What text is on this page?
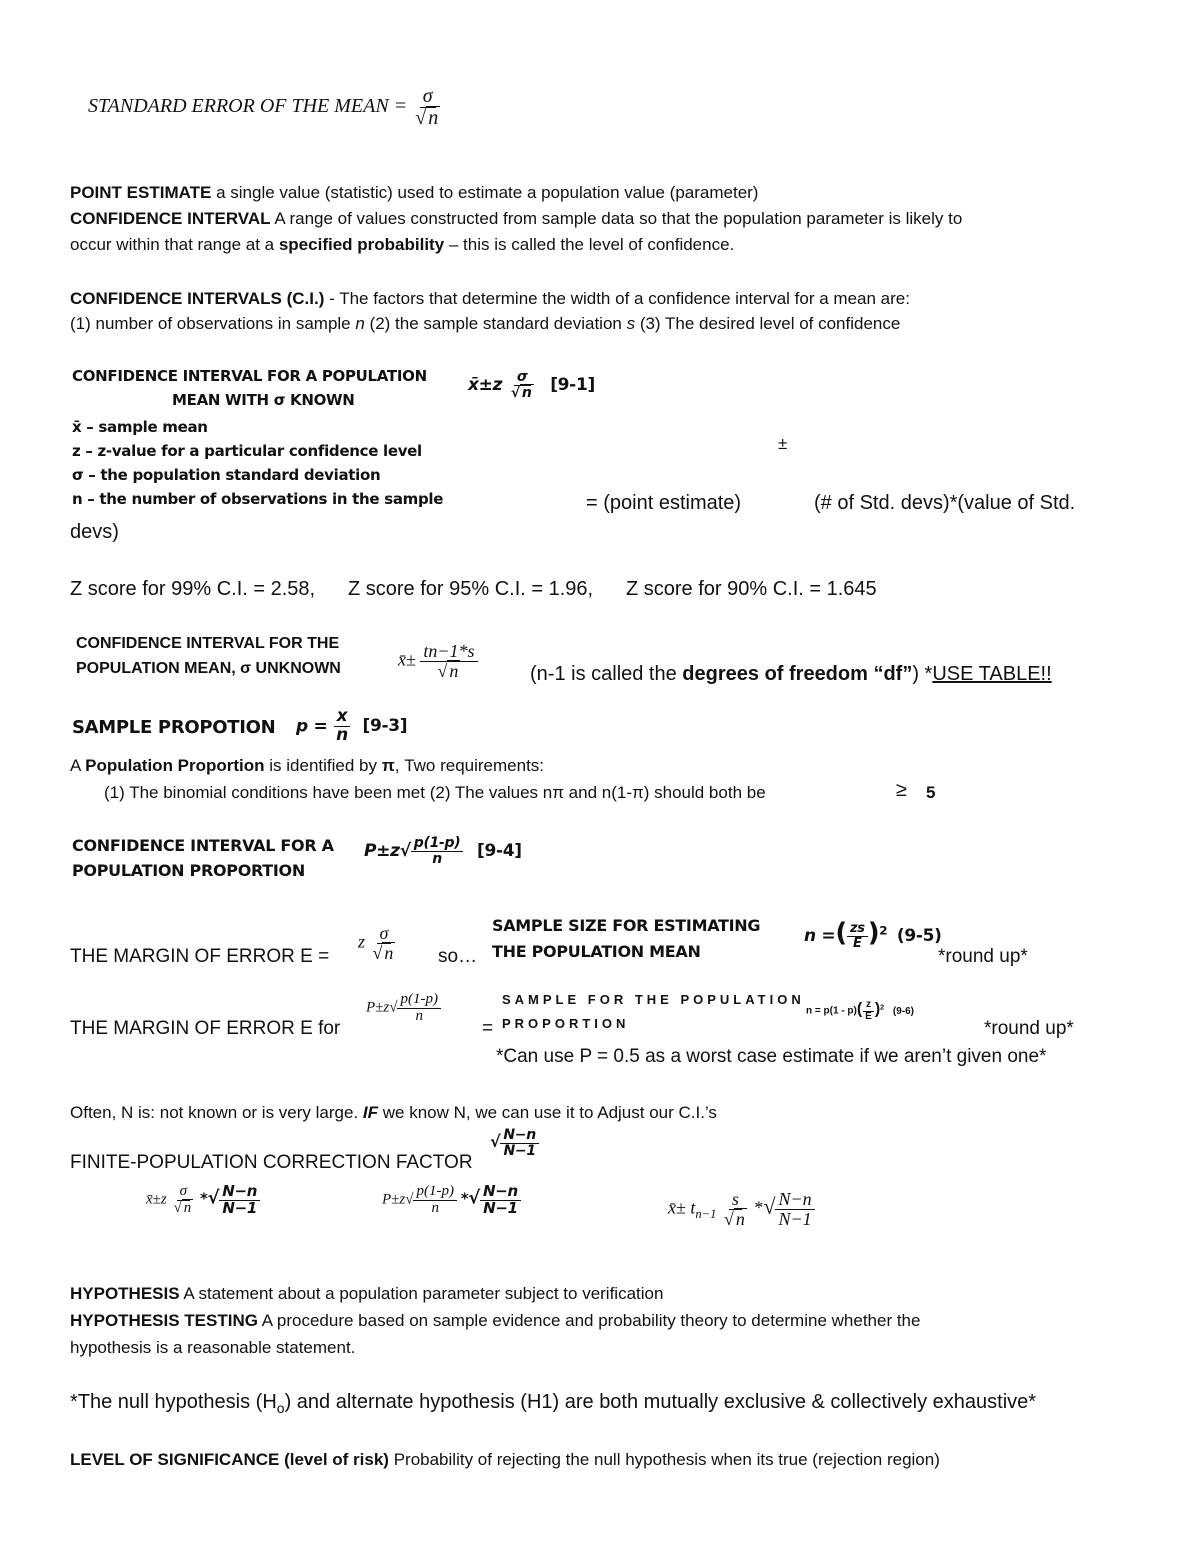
STANDARD ERROR OF THE MEAN = $\frac{\sigma}{√ n}$
POINT ESTIMATE a single value (statistic) used to estimate a population value (parameter)
CONFIDENCE INTERVAL A range of values constructed from sample data so that the population parameter is likely to
occur within that range at a specified probability – this is called the level of confidence.
CONFIDENCE INTERVALS (C.I.) - The factors that determine the width of a confidence interval for a mean are:
(1) number of observations in sample n (2) the sample standard deviation s (3) The desired level of confidence
CONFIDENCE INTERVAL FOR A POPULATION
MEAN WITH σ KNOWN
x̄±z $\frac{\sigma}{√ n} [9-1]$
x̄ – sample mean
z – z-value for a particular confidence level
σ – the population standard deviation
n – the number of observations in the sample
±
= (point estimate)	(# of Std. devs)*(value of Std.
devs)
Z score for 99% C.I. = 2.58, Z score for 95% C.I. = 1.96, Z score for 90% C.I. = 1.645
CONFIDENCE INTERVAL FOR THE
POPULATION MEAN, σ UNKNOWN	x̄± $\frac{tn-1*s}{√ n}$	(n-1 is called the degrees of freedom “df”) *USE TABLE!!
SAMPLE PROPOTION $p = \frac{x}{n} [9-3]$
A Population Proportion is identified by π, Two requirements:
(1) The binomial conditions have been met (2) The values nπ and n(1-π) should both be	≥ 5
CONFIDENCE INTERVAL FOR A
POPULATION PROPORTION
$P\pm z√ \frac{p(1-p)}{n} [9-4]$
THE MARGIN OF ERROR E =
z $\frac{\sigma}{√ n}$ so…
SAMPLE SIZE FOR ESTIMATING
THE POPULATION MEAN
n =( $\frac{zs}{E} )^2$ (9-5)
*round up*
THE MARGIN OF ERROR E for
$P\pm z√ \frac{p(1-p)}{n}$
=
SAMPLE FOR THE POPULATION
PROPORTION
$n = p(1 - p)( \frac{z}{E} )^2$ (9-6)
*round up*
*Can use P = 0.5 as a worst case estimate if we aren’t given one*
Often, N is: not known or is very large. IF we know N, we can use it to Adjust our C.I.’s
FINITE-POPULATION CORRECTION FACTOR
√ $\frac{N-n}{N-1}$
x̄±z $\frac{\sigma}{√ n}$ *√ $\frac{N-n}{N-1}$	$P\pm z√ \frac{p(1-p)}{n}$ *√ $\frac{N-n}{N-1}$	x̄± $t_{n-1} \frac{s}{√ n}$ *√ $\frac{N-n}{N-1}$
HYPOTHESIS A statement about a population parameter subject to verification
HYPOTHESIS TESTING A procedure based on sample evidence and probability theory to determine whether the
hypothesis is a reasonable statement.
*The null hypothesis $(H_o)$ and alternate hypothesis (H1) are both mutually exclusive & collectively exhaustive*
LEVEL OF SIGNIFICANCE (level of risk) Probability of rejecting the null hypothesis when its true (rejection region)
